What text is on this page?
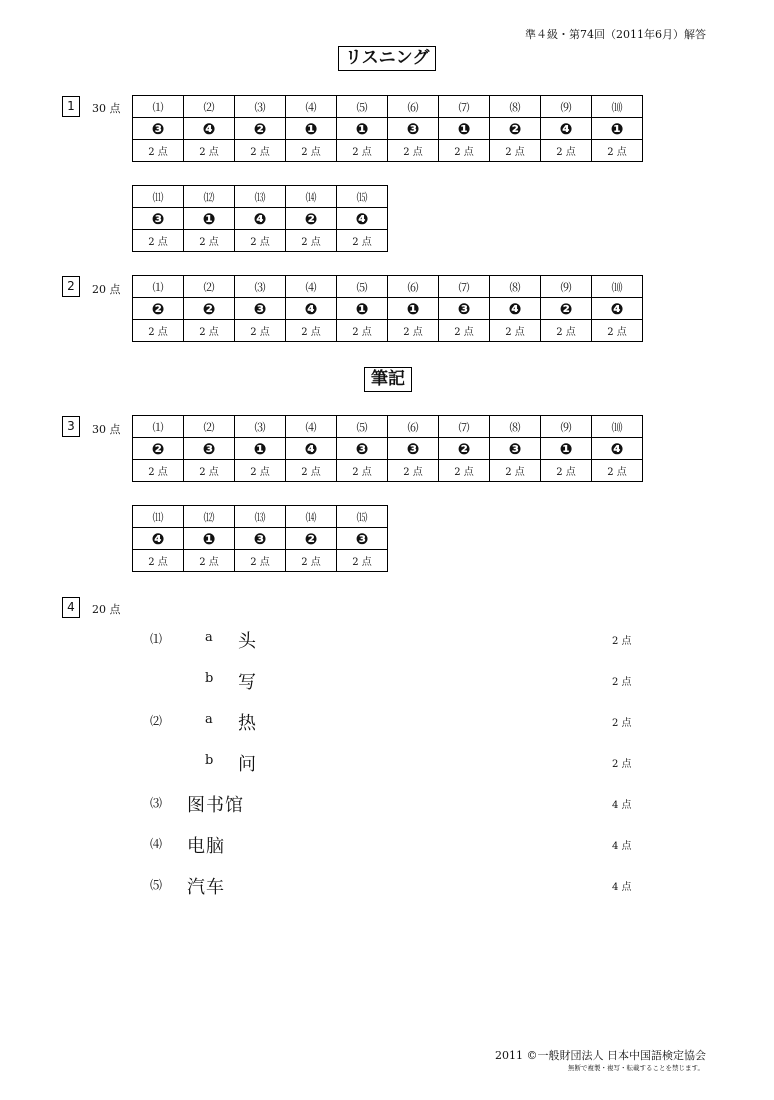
準４級・第74回（2011年6月）解答
リスニング
1	30 点	⑴	⑵	⑶	⑷	⑸	⑹	⑺	⑻	⑼	⑽
❸	❹	❷	❶	❶	❸	❶	❷	❹	❶
2 点	2 点	2 点	2 点	2 点	2 点	2 点	2 点	2 点	2 点
⑾	⑿	⒀	⒁	⒂
❸	❶	❹	❷	❹
2 点	2 点	2 点	2 点	2 点
2	20 点	⑴	⑵	⑶	⑷	⑸	⑹	⑺	⑻	⑼	⑽
❷	❷	❸	❹	❶	❶	❸	❹	❷	❹
2 点	2 点	2 点	2 点	2 点	2 点	2 点	2 点	2 点	2 点
筆記
3	30 点	⑴	⑵	⑶	⑷	⑸	⑹	⑺	⑻	⑼	⑽
❷	❸	❶	❹	❸	❸	❷	❸	❶	❹
2 点	2 点	2 点	2 点	2 点	2 点	2 点	2 点	2 点	2 点
⑾	⑿	⒀	⒁	⒂
❹	❶	❸	❷	❸
2 点	2 点	2 点	2 点	2 点
4	20 点
⑴	a 头	2 点
b 写	2 点
⑵	a 热	2 点
b 问	2 点
⑶ 图书馆	4 点
⑷ 电脑	4 点
⑸ 汽车	4 点
2011 ©一般財団法人 日本中国語検定協会
無断で複製・複写・転載することを禁じます。
